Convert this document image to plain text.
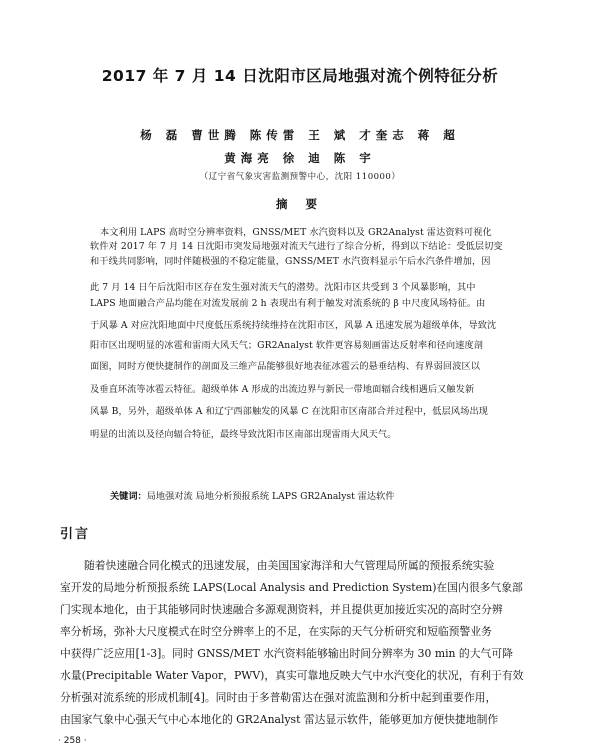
2017 年 7 月 14 日沈阳市区局地强对流个例特征分析
杨 磊 曹世腾 陈传雷 王 斌 才奎志 蒋 超
黄海亮 徐 迪 陈 宇
（辽宁省气象灾害监测预警中心，沈阳 110000）
摘 要
本文利用 LAPS 高时空分辨率资料，GNSS/MET 水汽资料以及 GR2Analyst 雷达资料可视化
软件对 2017 年 7 月 14 日沈阳市突发局地强对流天气进行了综合分析，得到以下结论：受低层切变
和干线共同影响，同时伴随极强的不稳定能量，GNSS/MET 水汽资料显示午后水汽条件增加，因
此 7 月 14 日午后沈阳市区存在发生强对流天气的潜势。沈阳市区共受到 3 个风暴影响，其中
LAPS 地面融合产品均能在对流发展前 2 h 表现出有利于触发对流系统的 β 中尺度风场特征。由
于风暴 A 对应沈阳地面中尺度低压系统持续维持在沈阳市区，风暴 A 迅速发展为超级单体，导致沈
阳市区出现明显的冰雹和雷雨大风天气；GR2Analyst 软件更容易刻画雷达反射率和径向速度剖
面图，同时方便快捷制作的剖面及三维产品能够很好地表征冰雹云的悬垂结构、有界弱回波区以
及垂直环流等冰雹云特征。超级单体 A 形成的出流边界与新民一带地面辐合线相遇后又触发新
风暴 B，另外，超级单体 A 和辽宁西部触发的风暴 C 在沈阳市区南部合并过程中，低层风场出现
明显的出流以及径向辐合特征，最终导致沈阳市区南部出现雷雨大风天气。
关键词：局地强对流 局地分析预报系统 LAPS GR2Analyst 雷达软件
引言
随着快速融合同化模式的迅速发展，由美国国家海洋和大气管理局所属的预报系统实验
室开发的局地分析预报系统 LAPS(Local Analysis and Prediction System)在国内很多气象部
门实现本地化，由于其能够同时快速融合多源观测资料，并且提供更加接近实况的高时空分辨
率分析场，弥补大尺度模式在时空分辨率上的不足，在实际的天气分析研究和短临预警业务
中获得广泛应用[1-3]。同时 GNSS/MET 水汽资料能够输出时间分辨率为 30 min 的大气可降
水量(Precipitable Water Vapor，PWV)，真实可靠地反映大气中水汽变化的状况，有利于有效
分析强对流系统的形成机制[4]。同时由于多普勒雷达在强对流监测和分析中起到重要作用，
由国家气象中心强天气中心本地化的 GR2Analyst 雷达显示软件，能够更加方便快捷地制作
· 258 ·
